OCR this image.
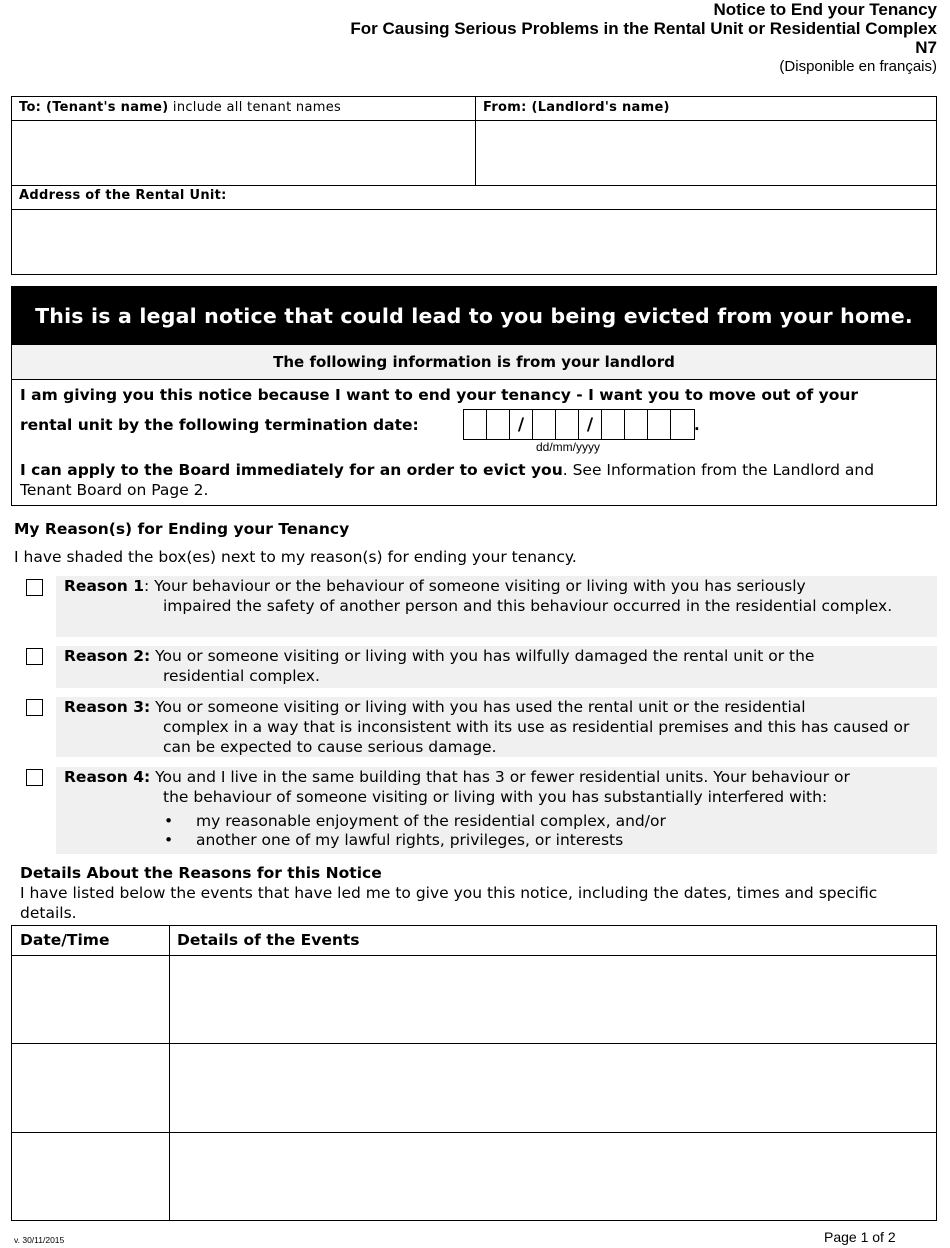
Notice to End your Tenancy
For Causing Serious Problems in the Rental Unit or Residential Complex
N7
(Disponible en français)
To: (Tenant's name) include all tenant names	From: (Landlord's name)
Address of the Rental Unit:
This is a legal notice that could lead to you being evicted from your home.
The following information is from your landlord
I am giving you this notice because I want to end your tenancy - I want you to move out of your
rental unit by the following termination date:	/	/	.
dd/mm/yyyy
I can apply to the Board immediately for an order to evict you. See Information from the Landlord and Tenant Board on Page 2.
My Reason(s) for Ending your Tenancy
I have shaded the box(es) next to my reason(s) for ending your tenancy.
Reason 1: Your behaviour or the behaviour of someone visiting or living with you has seriously
impaired the safety of another person and this behaviour occurred in the residential complex.
Reason 2: You or someone visiting or living with you has wilfully damaged the rental unit or the
residential complex.
Reason 3: You or someone visiting or living with you has used the rental unit or the residential
complex in a way that is inconsistent with its use as residential premises and this has caused or can be expected to cause serious damage.
Reason 4: You and I live in the same building that has 3 or fewer residential units. Your behaviour or
the behaviour of someone visiting or living with you has substantially interfered with:
• my reasonable enjoyment of the residential complex, and/or
• another one of my lawful rights, privileges, or interests
Details About the Reasons for this Notice
I have listed below the events that have led me to give you this notice, including the dates, times and specific details.
Date/Time	Details of the Events
v. 30/11/2015	Page 1 of 2
